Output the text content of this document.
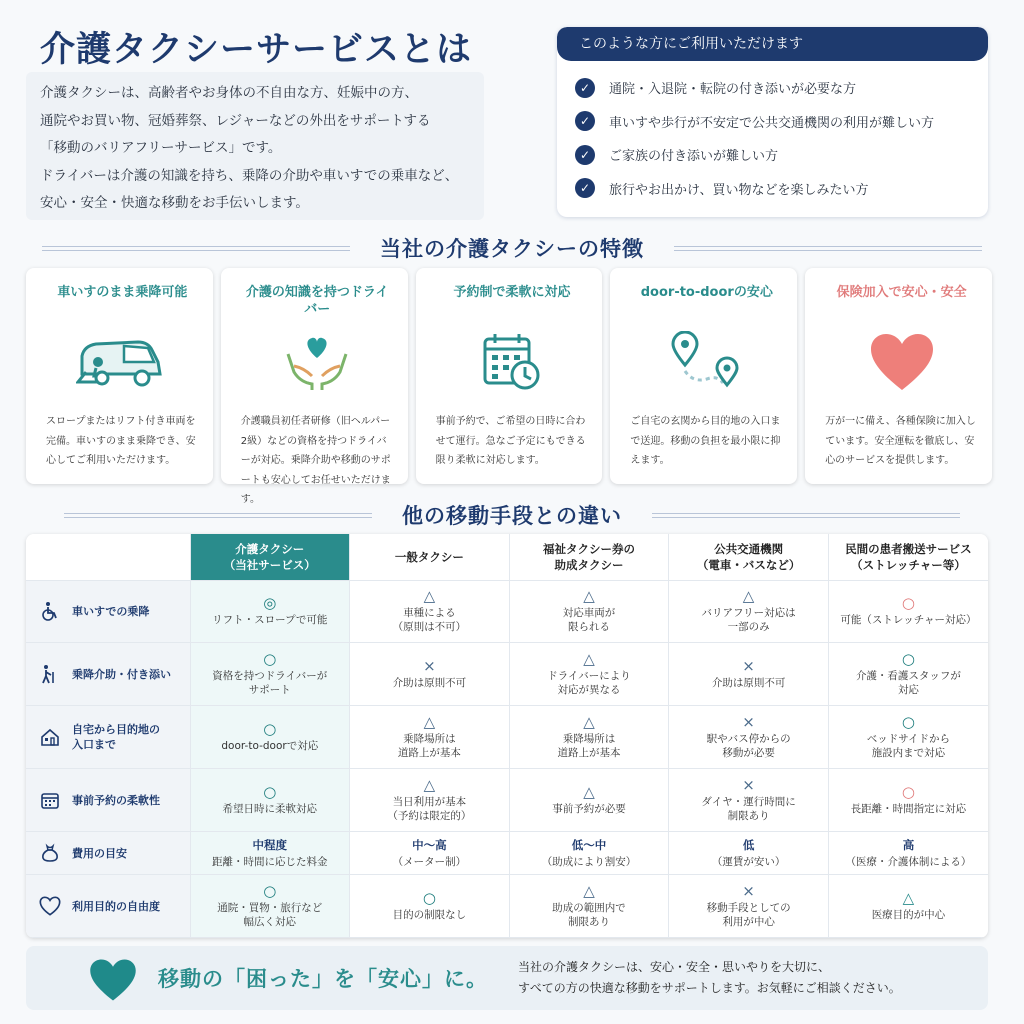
介護タクシーサービスとは

介護タクシーは、高齢者やお身体の不自由な方、妊娠中の方、

通院やお買い物、冠婚葬祭、レジャーなどの外出をサポートする

「移動のバリアフリーサービス」です。

ドライバーは介護の知識を持ち、乗降の介助や車いすでの乗車など、

安心・安全・快適な移動をお手伝いします。

このような方にご利用いただけます
✓	通院・入退院・転院の付き添いが必要な方
✓	車いすや歩行が不安定で公共交通機関の利用が難しい方
✓	ご家族の付き添いが難しい方
✓	旅行やお出かけ、買い物などを楽しみたい方
当社の介護タクシーの特徴
車いすのまま乗降可能

スロープまたはリフト付き車両を完備。車いすのまま乗降でき、安心してご利用いただけます。

介護の知識を持つドライバー

介護職員初任者研修（旧ヘルパー2級）などの資格を持つドライバーが対応。乗降介助や移動のサポートも安心してお任せいただけます。

予約制で柔軟に対応

事前予約で、ご希望の日時に合わせて運行。急なご予定にもできる限り柔軟に対応します。

door-to-doorの安心

ご自宅の玄関から目的地の入口まで送迎。移動の負担を最小限に抑えます。

保険加入で安心・安全

万が一に備え、各種保険に加入しています。安全運転を徹底し、安心のサービスを提供します。

他の移動手段との違い
	介護タクシー
（当社サービス）	一般タクシー	福祉タクシー券の
助成タクシー	公共交通機関
（電車・バスなど）	民間の患者搬送サービス
（ストレッチャー等）

車いすでの乗降	◎
リフト・スロープで可能	△
車種による
（原則は不可）	△
対応車両が
限られる	△
バリアフリー対応は
一部のみ	○
可能（ストレッチャー対応）

乗降介助・付き添い	○
資格を持つドライバーが
サポート	×
介助は原則不可	△
ドライバーにより
対応が異なる	×
介助は原則不可	○
介護・看護スタッフが
対応

自宅から目的地の
入口まで	○
door-to-doorで対応	△
乗降場所は
道路上が基本	△
乗降場所は
道路上が基本	×
駅やバス停からの
移動が必要	○
ベッドサイドから
施設内まで対応

事前予約の柔軟性	○
希望日時に柔軟対応	△
当日利用が基本
（予約は限定的）	△
事前予約が必要	×
ダイヤ・運行時間に
制限あり	○
長距離・時間指定に対応

費用の目安	中程度
距離・時間に応じた料金	中〜高
（メーター制）	低〜中
（助成により割安）	低
（運賃が安い）	高
（医療・介護体制による）

利用目的の自由度	○
通院・買物・旅行など
幅広く対応	○
目的の制限なし	△
助成の範囲内で
制限あり	×
移動手段としての
利用が中心	△
医療目的が中心
移動の「困った」を「安心」に。	当社の介護タクシーは、安心・安全・思いやりを大切に、
すべての方の快適な移動をサポートします。お気軽にご相談ください。
